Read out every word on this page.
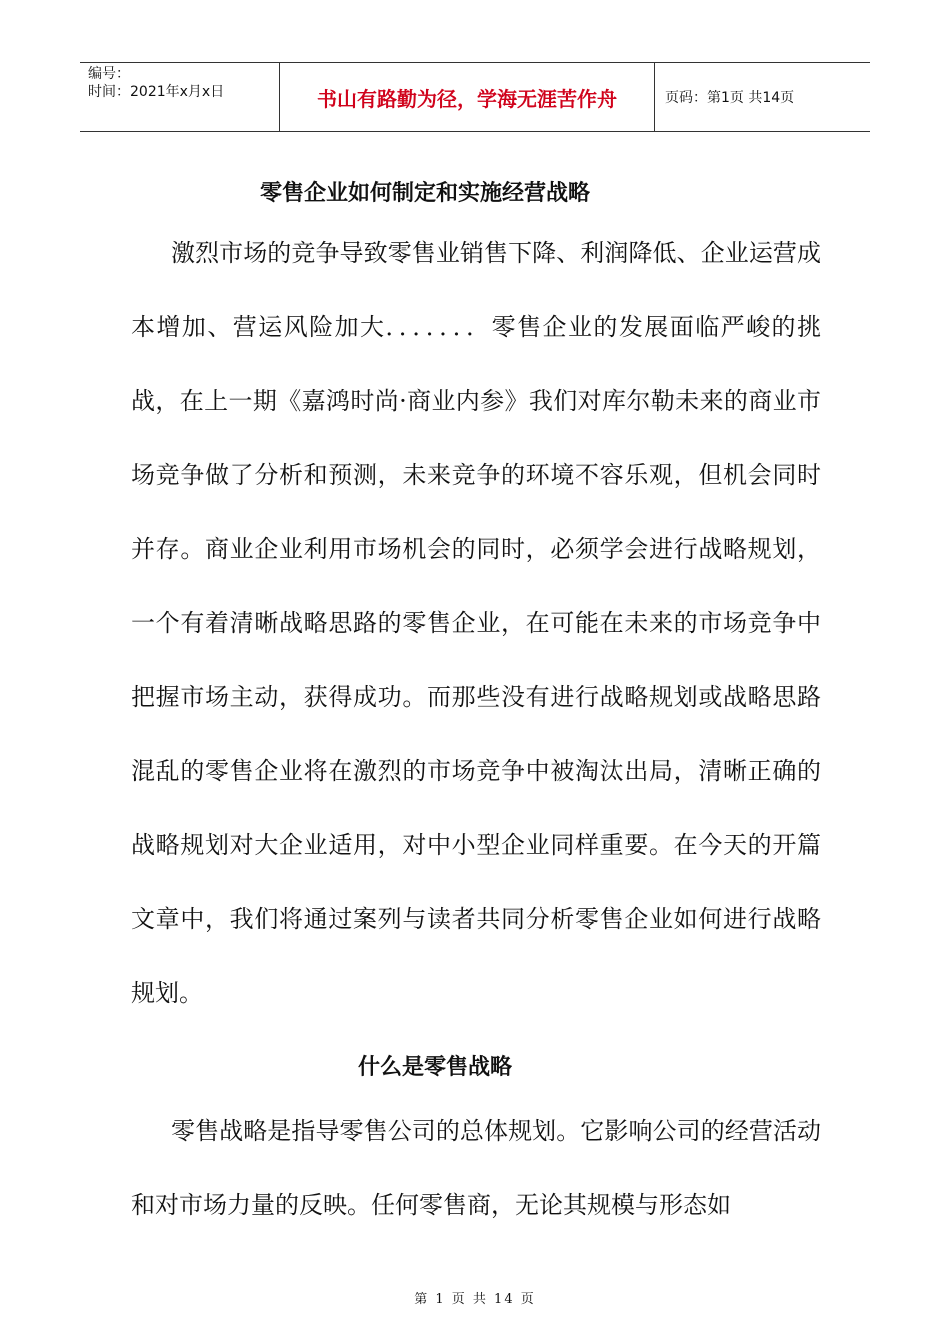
编号：
时间：2021年x月x日	书山有路勤为径，学海无涯苦作舟	页码：第1页 共14页
零售企业如何制定和实施经营战略

激烈市场的竞争导致零售业销售下降、利润降低、企业运营成本增加、营运风险加大．．．．．．．零售企业的发展面临严峻的挑战，在上一期《嘉鸿时尚·商业内参》我们对库尔勒未来的商业市场竞争做了分析和预测，未来竞争的环境不容乐观，但机会同时并存。商业企业利用市场机会的同时，必须学会进行战略规划，一个有着清晰战略思路的零售企业，在可能在未来的市场竞争中把握市场主动，获得成功。而那些没有进行战略规划或战略思路混乱的零售企业将在激烈的市场竞争中被淘汰出局，清晰正确的战略规划对大企业适用，对中小型企业同样重要。在今天的开篇文章中，我们将通过案列与读者共同分析零售企业如何进行战略规划。

什么是零售战略

零售战略是指导零售公司的总体规划。它影响公司的经营活动和对市场力量的反映。任何零售商，无论其规模与形态如

第 1 页 共 14 页
